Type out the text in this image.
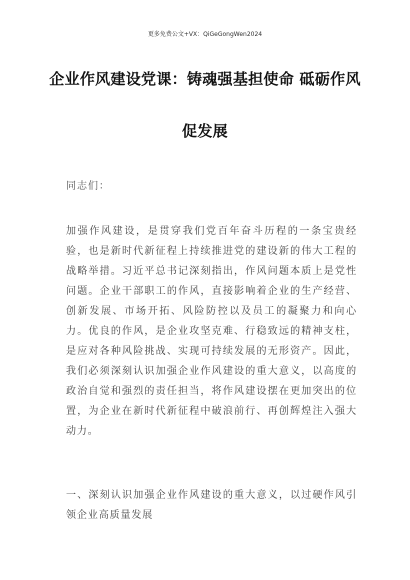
更多免费公文+VX：QiGeGongWen2024
企业作风建设党课：铸魂强基担使命 砥砺作风
促发展
同志们：

加强作风建设，是贯穿我们党百年奋斗历程的一条宝贵经验，也是新时代新征程上持续推进党的建设新的伟大工程的战略举措。习近平总书记深刻指出，作风问题本质上是党性问题。企业干部职工的作风，直接影响着企业的生产经营、创新发展、市场开拓、风险防控以及员工的凝聚力和向心力。优良的作风，是企业攻坚克难、行稳致远的精神支柱，是应对各种风险挑战、实现可持续发展的无形资产。因此，我们必须深刻认识加强企业作风建设的重大意义，以高度的政治自觉和强烈的责任担当，将作风建设摆在更加突出的位置，为企业在新时代新征程中破浪前行、再创辉煌注入强大动力。

一、深刻认识加强企业作风建设的重大意义，以过硬作风引领企业高质量发展
